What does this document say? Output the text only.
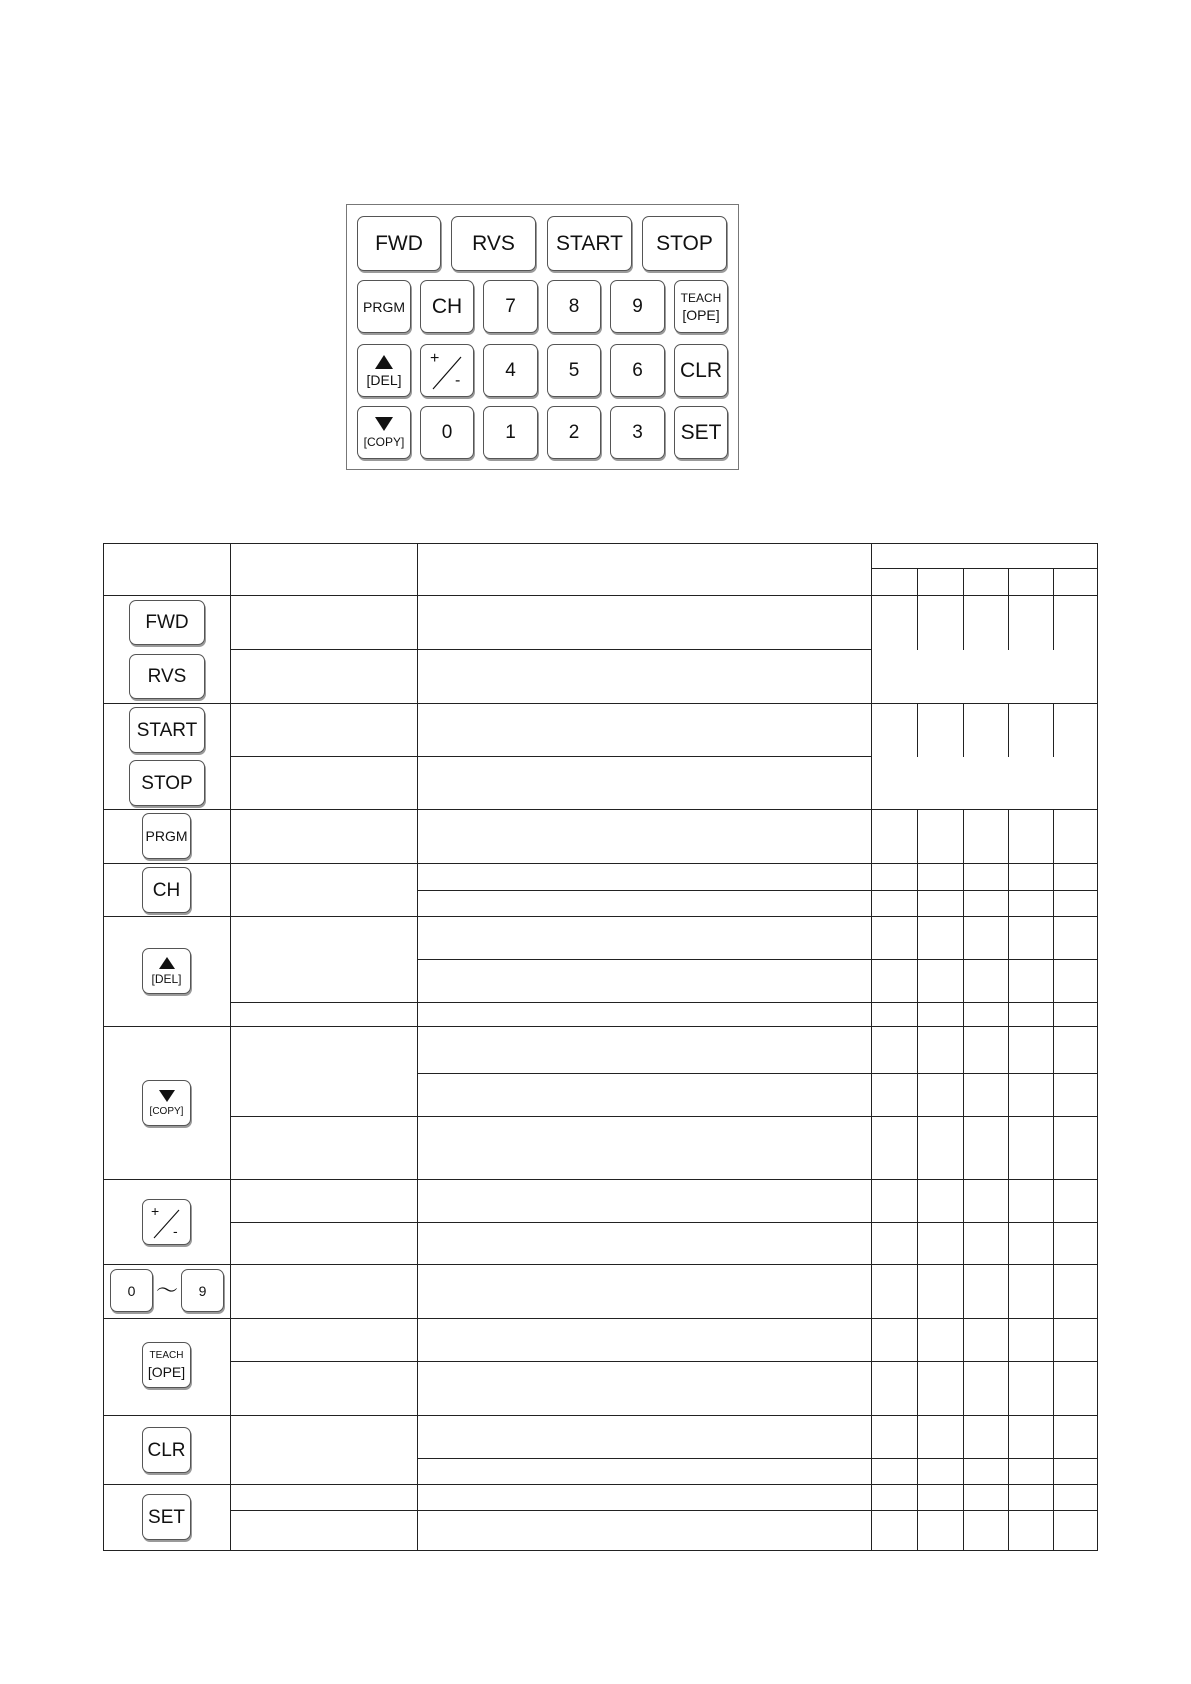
FWD RVS START STOP
PRGM CH 7	8	9	TEACH
[OPE]
[DEL]
+
- 4	5	6 CLR
[COPY] 0	1	2	3 SET
FWD
RVS
START
STOP
PRGM
CH
[DEL]
[COPY]
+
-
0 〜 9
TEACH
[OPE]
CLR
SET
